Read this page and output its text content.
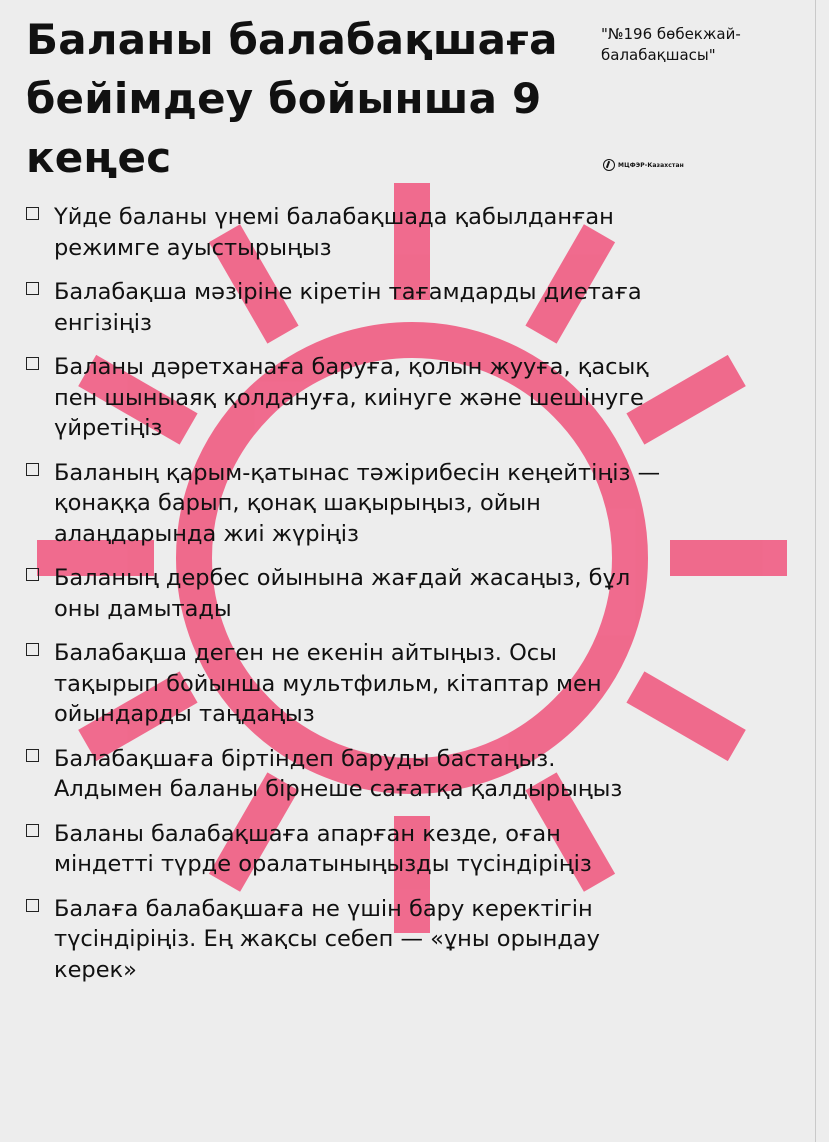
Баланы балабақшаға бейімдеу бойынша 9 кеңес
"№196 бөбекжай-балабақшасы"
МЦФЭР-Казахстан
Үйде баланы үнемі балабақшада қабылданған режимге ауыстырыңыз
Балабақша мәзіріне кіретін тағамдарды диетаға енгізіңіз
Баланы дәретханаға баруға, қолын жууға, қасық пен шыныаяқ қолдануға, киінуге және шешінуге үйретіңіз
Баланың қарым-қатынас тәжірибесін кеңейтіңіз —қонаққа барып, қонақ шақырыңыз, ойын алаңдарында жиі жүріңіз
Баланың дербес ойынына жағдай жасаңыз, бұл оны дамытады
Балабақша деген не екенін айтыңыз. Осы тақырып бойынша мультфильм, кітаптар мен ойындарды таңдаңыз
Балабақшаға біртіндеп баруды бастаңыз. Алдымен баланы бірнеше сағатқа қалдырыңыз
Баланы балабақшаға апарған кезде, оған міндетті түрде оралатыныңызды түсіндіріңіз
Балаға балабақшаға не үшін бару керектігін түсіндіріңіз. Ең жақсы себеп — «ұны орындау керек»
